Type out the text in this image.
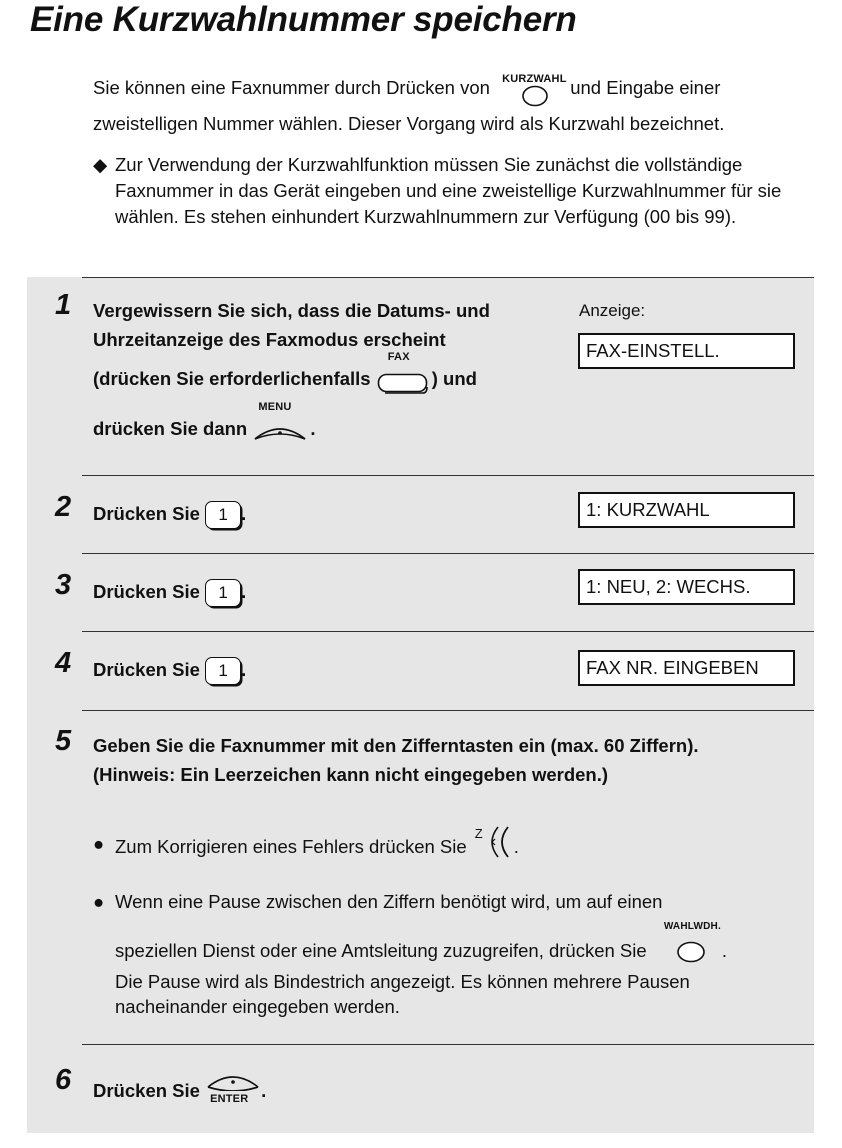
Eine Kurzwahlnummer speichern
Sie können eine Faxnummer durch Drücken von KURZWAHL und Eingabe einer
zweistelligen Nummer wählen. Dieser Vorgang wird als Kurzwahl bezeichnet.
◆ Zur Verwendung der Kurzwahlfunktion müssen Sie zunächst die vollständige Faxnummer in das Gerät eingeben und eine zweistellige Kurzwahlnummer für sie wählen. Es stehen einhundert Kurzwahlnummern zur Verfügung (00 bis 99).
1 Vergewissern Sie sich, dass die Datums- und
Uhrzeitanzeige des Faxmodus erscheint
(drücken Sie erforderlichenfalls
FAX
) und
drücken Sie dann
MENU
.
Anzeige:
FAX-EINSTELL.
2 Drücken Sie 1 .	1: KURZWAHL
3 Drücken Sie 1 .	1: NEU, 2: WECHS.
4 Drücken Sie 1 .	FAX NR. EINGEBEN
5 Geben Sie die Faxnummer mit den Zifferntasten ein (max. 60 Ziffern).
(Hinweis: Ein Leerzeichen kann nicht eingegeben werden.)
● Zum Korrigieren eines Fehlers drücken Sie
Z
.
● Wenn eine Pause zwischen den Ziffern benötigt wird, um auf einen
speziellen Dienst oder eine Amtsleitung zuzugreifen, drücken Sie
WAHLWDH.
.
Die Pause wird als Bindestrich angezeigt. Es können mehrere Pausen
nacheinander eingegeben werden.
6 Drücken Sie ENTER .
